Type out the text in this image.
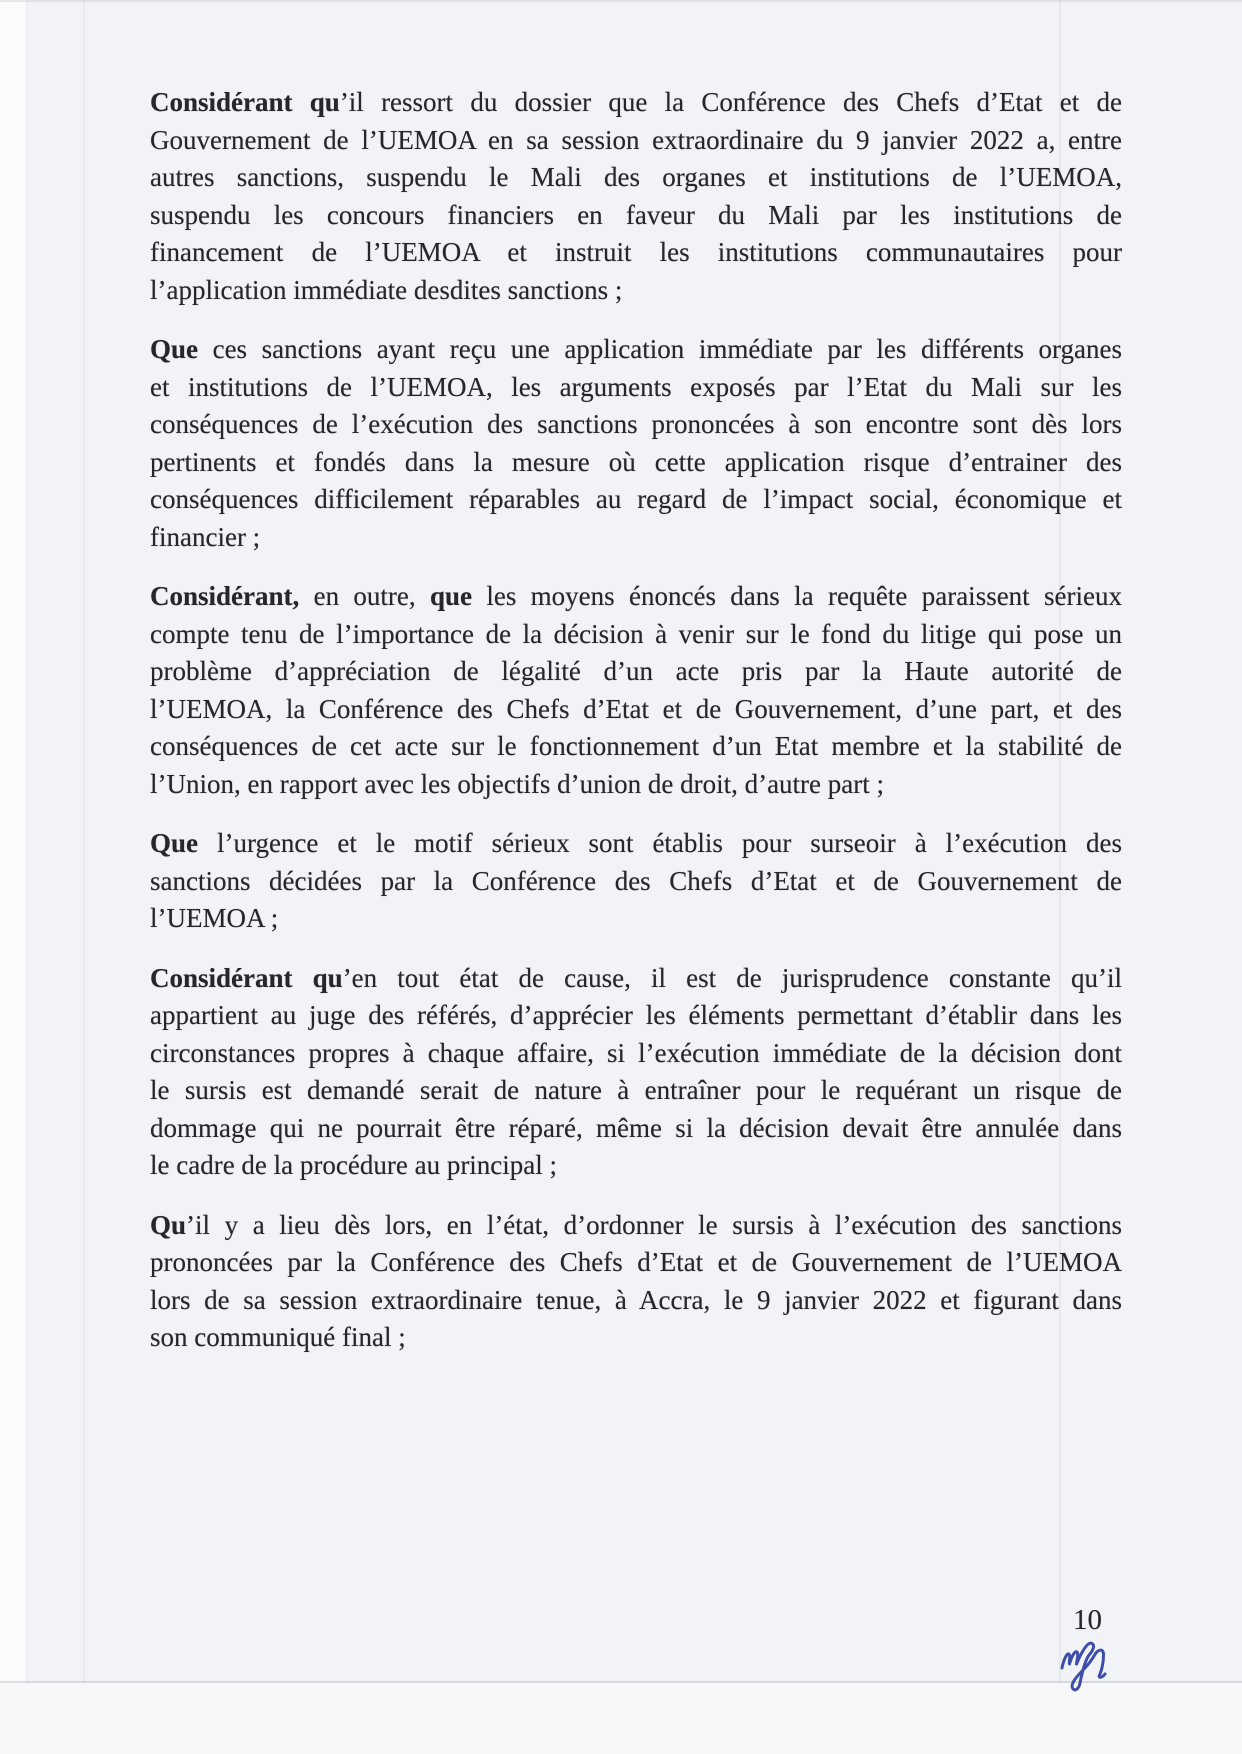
Considérant qu’il ressort du dossier que la Conférence des Chefs d’Etat et de
Gouvernement de l’UEMOA en sa session extraordinaire du 9 janvier 2022 a, entre
autres sanctions, suspendu le Mali des organes et institutions de l’UEMOA,
suspendu les concours financiers en faveur du Mali par les institutions de
financement de l’UEMOA et instruit les institutions communautaires pour
l’application immédiate desdites sanctions ;
Que ces sanctions ayant reçu une application immédiate par les différents organes
et institutions de l’UEMOA, les arguments exposés par l’Etat du Mali sur les
conséquences de l’exécution des sanctions prononcées à son encontre sont dès lors
pertinents et fondés dans la mesure où cette application risque d’entrainer des
conséquences difficilement réparables au regard de l’impact social, économique et
financier ;
Considérant, en outre, que les moyens énoncés dans la requête paraissent sérieux
compte tenu de l’importance de la décision à venir sur le fond du litige qui pose un
problème d’appréciation de légalité d’un acte pris par la Haute autorité de
l’UEMOA, la Conférence des Chefs d’Etat et de Gouvernement, d’une part, et des
conséquences de cet acte sur le fonctionnement d’un Etat membre et la stabilité de
l’Union, en rapport avec les objectifs d’union de droit, d’autre part ;
Que l’urgence et le motif sérieux sont établis pour surseoir à l’exécution des
sanctions décidées par la Conférence des Chefs d’Etat et de Gouvernement de
l’UEMOA ;
Considérant qu’en tout état de cause, il est de jurisprudence constante qu’il
appartient au juge des référés, d’apprécier les éléments permettant d’établir dans les
circonstances propres à chaque affaire, si l’exécution immédiate de la décision dont
le sursis est demandé serait de nature à entraîner pour le requérant un risque de
dommage qui ne pourrait être réparé, même si la décision devait être annulée dans
le cadre de la procédure au principal ;
Qu’il y a lieu dès lors, en l’état, d’ordonner le sursis à l’exécution des sanctions
prononcées par la Conférence des Chefs d’Etat et de Gouvernement de l’UEMOA
lors de sa session extraordinaire tenue, à Accra, le 9 janvier 2022 et figurant dans
son communiqué final ;
10
